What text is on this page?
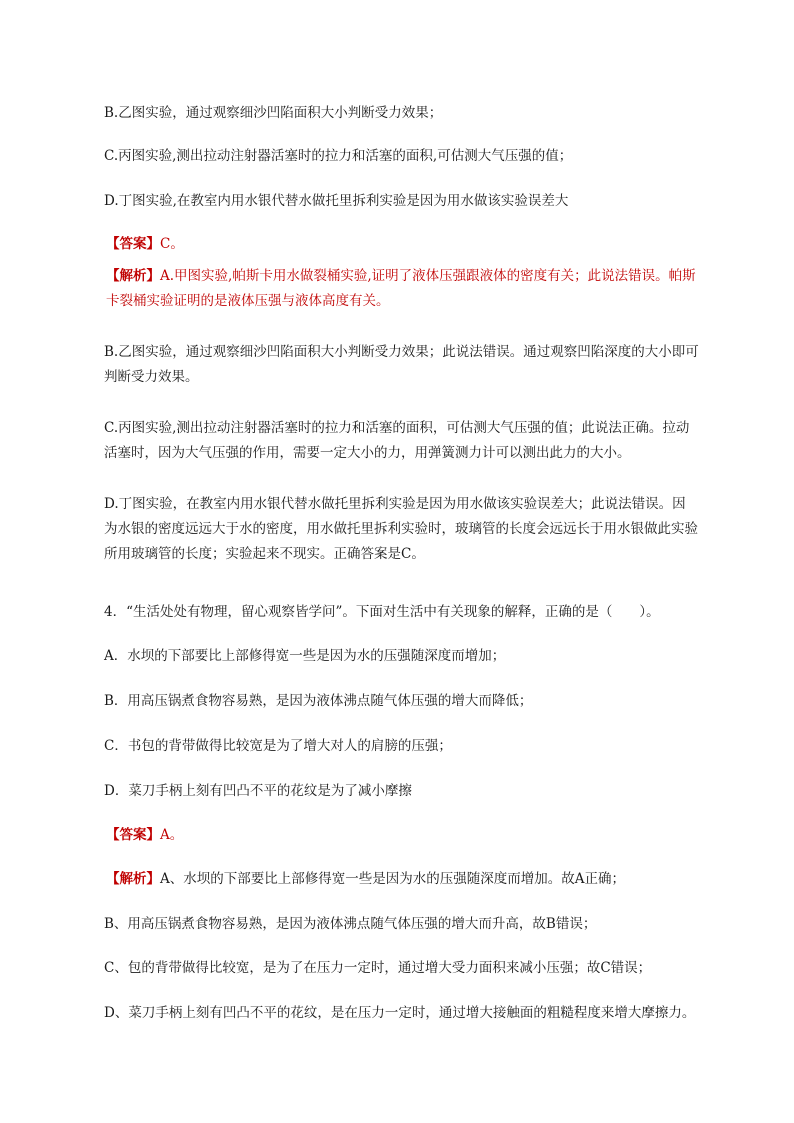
B.乙图实验，通过观察细沙凹陷面积大小判断受力效果；
C.丙图实验,测出拉动注射器活塞时的拉力和活塞的面积,可估测大气压强的值；
D.丁图实验,在教室内用水银代替水做托里拆利实验是因为用水做该实验误差大
【答案】C。
【解析】A.甲图实验,帕斯卡用水做裂桶实验,证明了液体压强跟液体的密度有关；此说法错误。帕斯卡裂桶实验证明的是液体压强与液体高度有关。
B.乙图实验，通过观察细沙凹陷面积大小判断受力效果；此说法错误。通过观察凹陷深度的大小即可判断受力效果。
C.丙图实验,测出拉动注射器活塞时的拉力和活塞的面积，可估测大气压强的值；此说法正确。拉动活塞时，因为大气压强的作用，需要一定大小的力，用弹簧测力计可以测出此力的大小。
D.丁图实验，在教室内用水银代替水做托里拆利实验是因为用水做该实验误差大；此说法错误。因为水银的密度远远大于水的密度，用水做托里拆利实验时，玻璃管的长度会远远长于用水银做此实验所用玻璃管的长度；实验起来不现实。正确答案是C。
4．“生活处处有物理，留心观察皆学问”。下面对生活中有关现象的解释，正确的是（　　）。
A．水坝的下部要比上部修得宽一些是因为水的压强随深度而增加；
B．用高压锅煮食物容易熟，是因为液体沸点随气体压强的增大而降低；
C．书包的背带做得比较宽是为了增大对人的肩膀的压强；
D．菜刀手柄上刻有凹凸不平的花纹是为了减小摩擦
【答案】A。
【解析】A、水坝的下部要比上部修得宽一些是因为水的压强随深度而增加。故A正确；
B、用高压锅煮食物容易熟，是因为液体沸点随气体压强的增大而升高，故B错误；
C、包的背带做得比较宽，是为了在压力一定时，通过增大受力面积来减小压强；故C错误；
D、菜刀手柄上刻有凹凸不平的花纹，是在压力一定时，通过增大接触面的粗糙程度来增大摩擦力。
